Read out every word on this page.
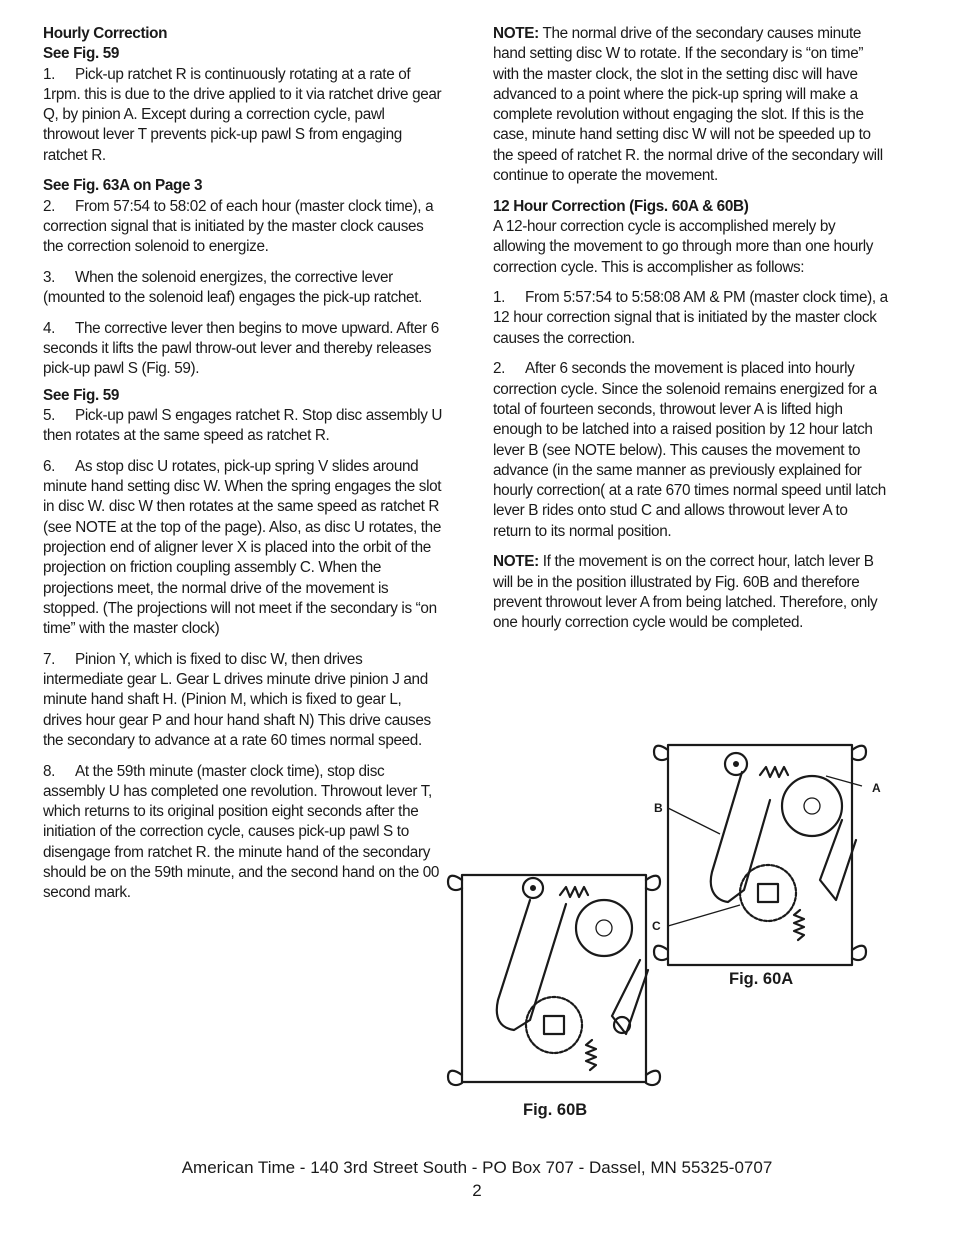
Hourly Correction

See Fig. 59

1. Pick-up ratchet R is continuously rotating at a rate of 1rpm. this is due to the drive applied to it via ratchet drive gear Q, by pinion A. Except during a correction cycle, pawl throwout lever T prevents pick-up pawl S from engaging ratchet R.

See Fig. 63A on Page 3

2. From 57:54 to 58:02 of each hour (master clock time), a correction signal that is initiated by the master clock causes the correction solenoid to energize.

3. When the solenoid energizes, the corrective lever (mounted to the solenoid leaf) engages the pick-up ratchet.

4. The corrective lever then begins to move upward. After 6 seconds it lifts the pawl throw-out lever and thereby releases pick-up pawl S (Fig. 59).

See Fig. 59

5. Pick-up pawl S engages ratchet R. Stop disc assembly U then rotates at the same speed as ratchet R.

6. As stop disc U rotates, pick-up spring V slides around minute hand setting disc W. When the spring engages the slot in disc W. disc W then rotates at the same speed as ratchet R (see NOTE at the top of the page). Also, as disc U rotates, the projection end of aligner lever X is placed into the orbit of the projection on friction coupling assembly C. When the projections meet, the normal drive of the movement is stopped. (The projections will not meet if the secondary is “on time” with the master clock)

7. Pinion Y, which is fixed to disc W, then drives intermediate gear L. Gear L drives minute drive pinion J and minute hand shaft H. (Pinion M, which is fixed to gear L, drives hour gear P and hour hand shaft N) This drive causes the secondary to advance at a rate 60 times normal speed.

8. At the 59th minute (master clock time), stop disc assembly U has completed one revolution. Throwout lever T, which returns to its original position eight seconds after the initiation of the correction cycle, causes pick-up pawl S to disengage from ratchet R. the minute hand of the secondary should be on the 59th minute, and the second hand on the 00 second mark.

NOTE: The normal drive of the secondary causes minute hand setting disc W to rotate. If the secondary is “on time” with the master clock, the slot in the setting disc will have advanced to a point where the pick-up spring will make a complete revolution without engaging the slot. If this is the case, minute hand setting disc W will not be speeded up to the speed of ratchet R. the normal drive of the secondary will continue to operate the movement.

12 Hour Correction (Figs. 60A & 60B)

A 12-hour correction cycle is accomplished merely by allowing the movement to go through more than one hourly correction cycle. This is accomplisher as follows:

1. From 5:57:54 to 5:58:08 AM & PM (master clock time), a 12 hour correction signal that is initiated by the master clock causes the correction.

2. After 6 seconds the movement is placed into hourly correction cycle. Since the solenoid remains energized for a total of fourteen seconds, throwout lever A is lifted high enough to be latched into a raised position by 12 hour latch lever B (see NOTE below). This causes the movement to advance (in the same manner as previously explained for hourly correction( at a rate 670 times normal speed until latch lever B rides onto stud C and allows throwout lever A to return to its normal position.

NOTE: If the movement is on the correct hour, latch lever B will be in the position illustrated by Fig. 60B and therefore prevent throwout lever A from being latched. Therefore, only one hourly correction cycle would be completed.

A
B
C
Fig. 60A
Fig. 60B
American Time - 140 3rd Street South - PO Box 707 - Dassel, MN 55325-0707
2
